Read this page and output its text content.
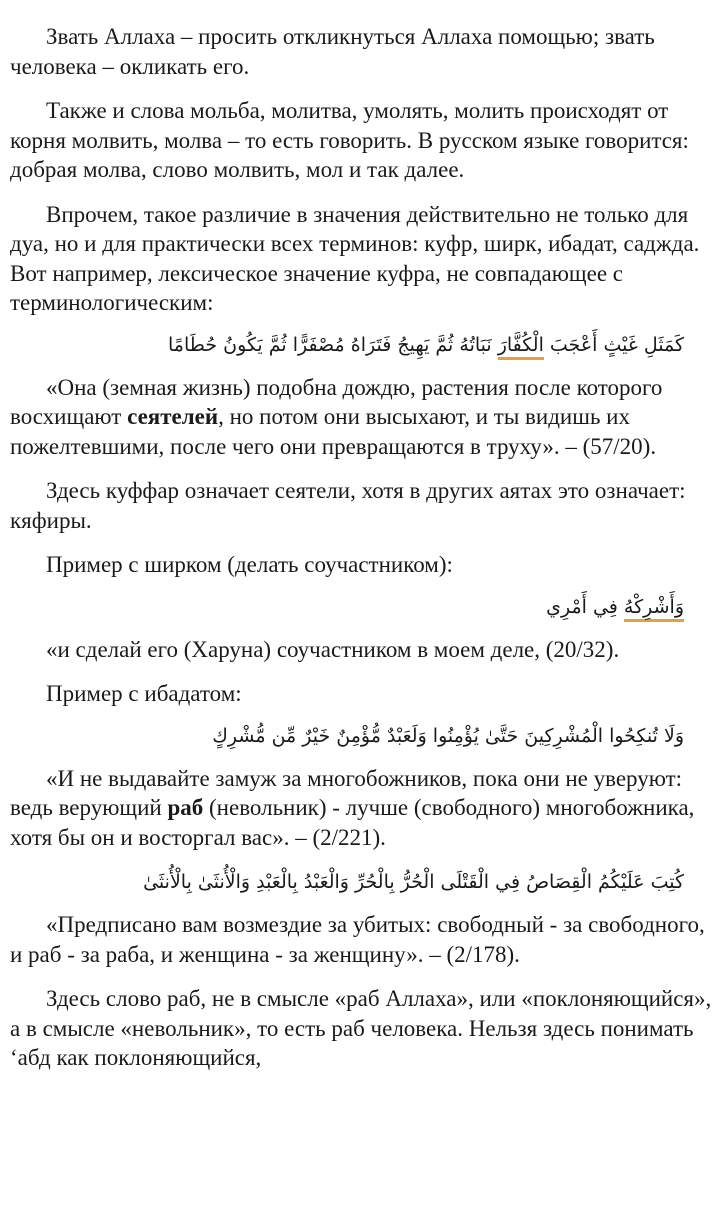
Звать Аллаха – просить откликнуться Аллаха помощью; звать человека – окликать его.

Также и слова мольба, молитва, умолять, молить происходят от корня молвить, молва – то есть говорить. В русском языке говорится: добрая молва, слово молвить, мол и так далее.

Впрочем, такое различие в значения действительно не только для дуа, но и для практически всех терминов: куфр, ширк, ибадат, саджда. Вот например, лексическое значение куфра, не совпадающее с терминологическим:

كَمَثَلِ غَيْثٍ أَعْجَبَ الْكُفَّارَ نَبَاتُهُ ثُمَّ يَهِيجُ فَتَرَاهُ مُصْفَرًّا ثُمَّ يَكُونُ حُطَامًا

«Она (земная жизнь) подобна дождю, растения после которого восхищают сеятелей, но потом они высыхают, и ты видишь их пожелтевшими, после чего они превращаются в труху». – (57/20).

Здесь куффар означает сеятели, хотя в других аятах это означает: кяфиры.

Пример с ширком (делать соучастником):

وَأَشْرِكْهُ فِي أَمْرِي

«и сделай его (Харуна) соучастником в моем деле, (20/32).

Пример с ибадатом:

وَلَا تُنكِحُوا الْمُشْرِكِينَ حَتَّىٰ يُؤْمِنُوا وَلَعَبْدٌ مُّؤْمِنٌ خَيْرٌ مِّن مُّشْرِكٍ

«И не выдавайте замуж за многобожников, пока они не уверуют: ведь верующий раб (невольник) - лучше (свободного) многобожника, хотя бы он и восторгал вас». – (2/221).

كُتِبَ عَلَيْكُمُ الْقِصَاصُ فِي الْقَتْلَى الْحُرُّ بِالْحُرِّ وَالْعَبْدُ بِالْعَبْدِ وَالْأُنثَىٰ بِالْأُنثَىٰ

«Предписано вам возмездие за убитых: свободный - за свободного, и раб - за раба, и женщина - за женщину». – (2/178).

Здесь слово раб, не в смысле «раб Аллаха», или «поклоняющийся», а в смысле «невольник», то есть раб человека. Нельзя здесь понимать ‘абд как поклоняющийся,
